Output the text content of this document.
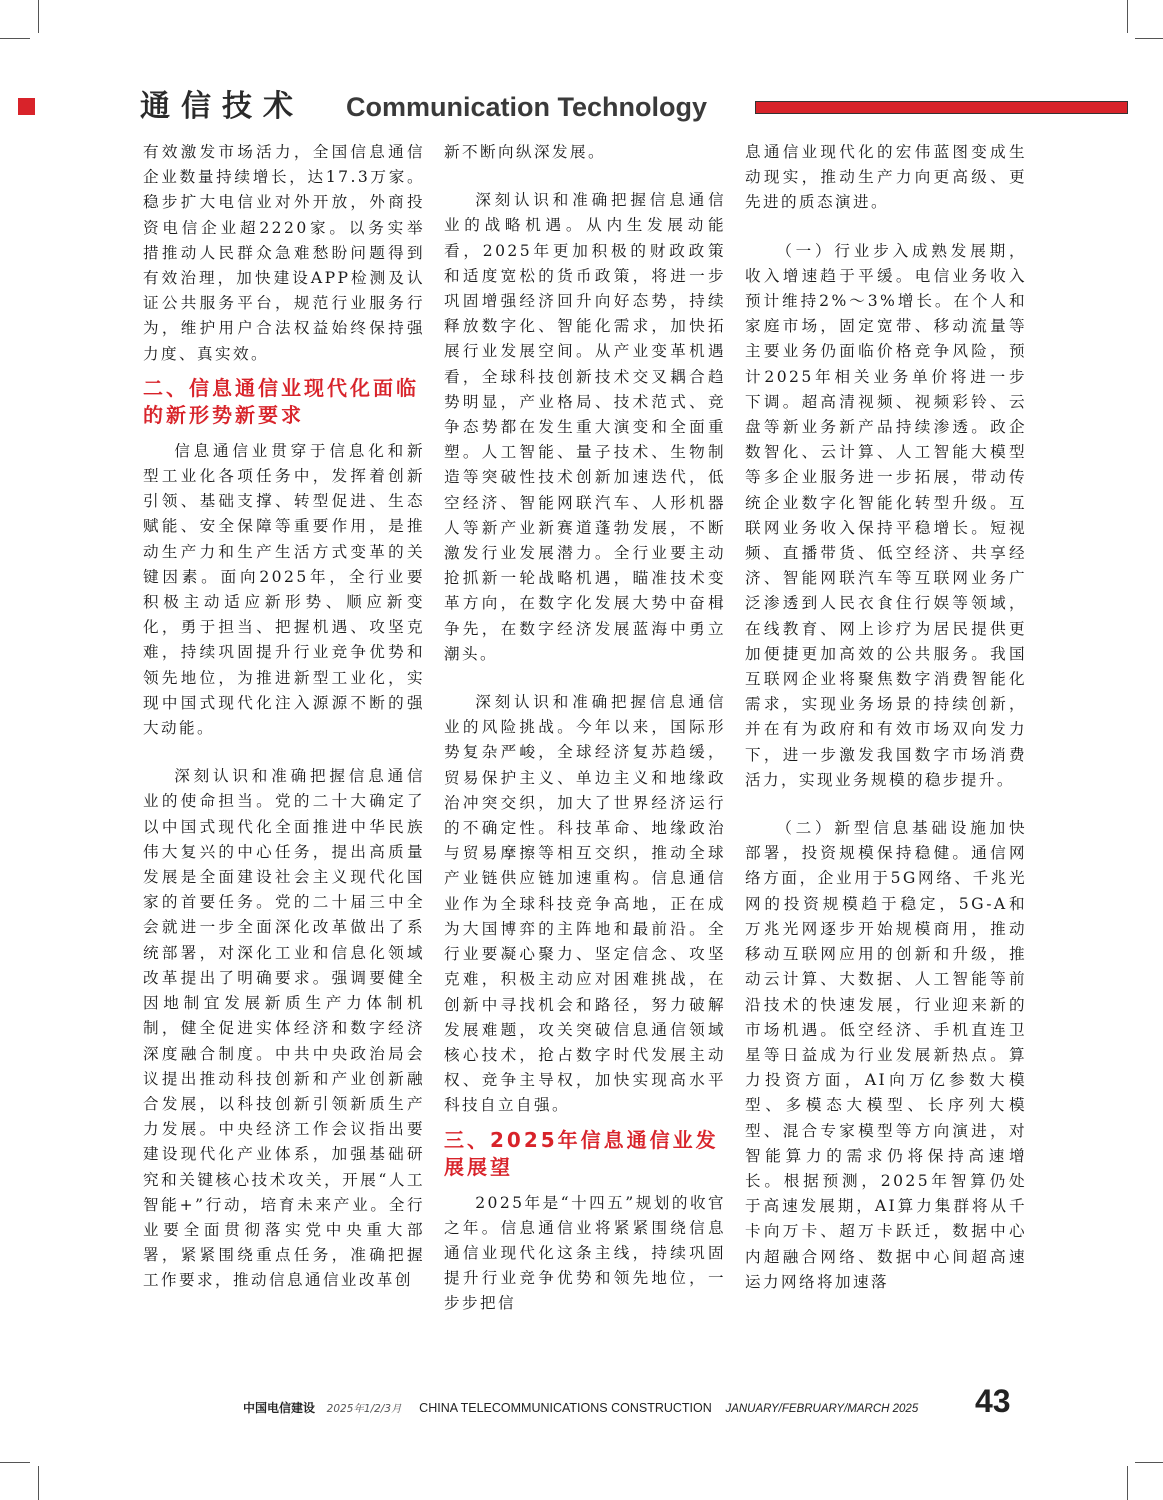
通信技术 Communication Technology

有效激发市场活力，全国信息通信企业数量持续增长，达17.3万家。稳步扩大电信业对外开放，外商投资电信企业超2220家。以务实举措推动人民群众急难愁盼问题得到有效治理，加快建设APP检测及认证公共服务平台，规范行业服务行为，维护用户合法权益始终保持强力度、真实效。

二、信息通信业现代化面临的新形势新要求

信息通信业贯穿于信息化和新型工业化各项任务中，发挥着创新引领、基础支撑、转型促进、生态赋能、安全保障等重要作用，是推动生产力和生产生活方式变革的关键因素。面向2025年，全行业要积极主动适应新形势、顺应新变化，勇于担当、把握机遇、攻坚克难，持续巩固提升行业竞争优势和领先地位，为推进新型工业化，实现中国式现代化注入源源不断的强大动能。

深刻认识和准确把握信息通信业的使命担当。党的二十大确定了以中国式现代化全面推进中华民族伟大复兴的中心任务，提出高质量发展是全面建设社会主义现代化国家的首要任务。党的二十届三中全会就进一步全面深化改革做出了系统部署，对深化工业和信息化领域改革提出了明确要求。强调要健全因地制宜发展新质生产力体制机制，健全促进实体经济和数字经济深度融合制度。中共中央政治局会议提出推动科技创新和产业创新融合发展，以科技创新引领新质生产力发展。中央经济工作会议指出要建设现代化产业体系，加强基础研究和关键核心技术攻关，开展“人工智能+”行动，培育未来产业。全行业要全面贯彻落实党中央重大部署，紧紧围绕重点任务，准确把握工作要求，推动信息通信业改革创

新不断向纵深发展。

深刻认识和准确把握信息通信业的战略机遇。从内生发展动能看，2025年更加积极的财政政策和适度宽松的货币政策，将进一步巩固增强经济回升向好态势，持续释放数字化、智能化需求，加快拓展行业发展空间。从产业变革机遇看，全球科技创新技术交叉耦合趋势明显，产业格局、技术范式、竞争态势都在发生重大演变和全面重塑。人工智能、量子技术、生物制造等突破性技术创新加速迭代，低空经济、智能网联汽车、人形机器人等新产业新赛道蓬勃发展，不断激发行业发展潜力。全行业要主动抢抓新一轮战略机遇，瞄准技术变革方向，在数字化发展大势中奋楫争先，在数字经济发展蓝海中勇立潮头。

深刻认识和准确把握信息通信业的风险挑战。今年以来，国际形势复杂严峻，全球经济复苏趋缓，贸易保护主义、单边主义和地缘政治冲突交织，加大了世界经济运行的不确定性。科技革命、地缘政治与贸易摩擦等相互交织，推动全球产业链供应链加速重构。信息通信业作为全球科技竞争高地，正在成为大国博弈的主阵地和最前沿。全行业要凝心聚力、坚定信念、攻坚克难，积极主动应对困难挑战，在创新中寻找机会和路径，努力破解发展难题，攻关突破信息通信领域核心技术，抢占数字时代发展主动权、竞争主导权，加快实现高水平科技自立自强。

三、2025年信息通信业发展展望

2025年是“十四五”规划的收官之年。信息通信业将紧紧围绕信息通信业现代化这条主线，持续巩固提升行业竞争优势和领先地位，一步步把信

息通信业现代化的宏伟蓝图变成生动现实，推动生产力向更高级、更先进的质态演进。

（一）行业步入成熟发展期，收入增速趋于平缓。电信业务收入预计维持2%～3%增长。在个人和家庭市场，固定宽带、移动流量等主要业务仍面临价格竞争风险，预计2025年相关业务单价将进一步下调。超高清视频、视频彩铃、云盘等新业务新产品持续渗透。政企数智化、云计算、人工智能大模型等多企业服务进一步拓展，带动传统企业数字化智能化转型升级。互联网业务收入保持平稳增长。短视频、直播带货、低空经济、共享经济、智能网联汽车等互联网业务广泛渗透到人民衣食住行娱等领域，在线教育、网上诊疗为居民提供更加便捷更加高效的公共服务。我国互联网企业将聚焦数字消费智能化需求，实现业务场景的持续创新，并在有为政府和有效市场双向发力下，进一步激发我国数字市场消费活力，实现业务规模的稳步提升。

（二）新型信息基础设施加快部署，投资规模保持稳健。通信网络方面，企业用于5G网络、千兆光网的投资规模趋于稳定，5G-A和万兆光网逐步开始规模商用，推动移动互联网应用的创新和升级，推动云计算、大数据、人工智能等前沿技术的快速发展，行业迎来新的市场机遇。低空经济、手机直连卫星等日益成为行业发展新热点。算力投资方面，AI向万亿参数大模型、多模态大模型、长序列大模型、混合专家模型等方向演进，对智能算力的需求仍将保持高速增长。根据预测，2025年智算仍处于高速发展期，AI算力集群将从千卡向万卡、超万卡跃迁，数据中心内超融合网络、数据中心间超高速运力网络将加速落

中国电信建设 2025年1/2/3月 CHINA TELECOMMUNICATIONS CONSTRUCTION JANUARY/FEBRUARY/MARCH 2025 43
